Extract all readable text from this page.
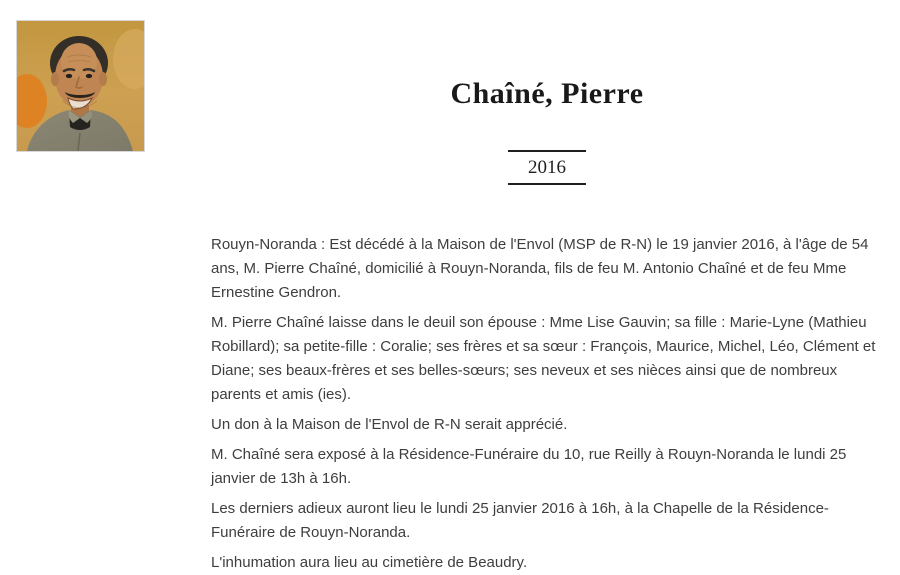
Chaîné, Pierre
2016

Rouyn-Noranda : Est décédé à la Maison de l'Envol (MSP de R-N) le 19 janvier 2016, à l'âge de 54 ans, M. Pierre Chaîné, domicilié à Rouyn-Noranda, fils de feu M. Antonio Chaîné et de feu Mme Ernestine Gendron.

M. Pierre Chaîné laisse dans le deuil son épouse : Mme Lise Gauvin; sa fille : Marie-Lyne (Mathieu Robillard); sa petite-fille : Coralie; ses frères et sa sœur : François, Maurice, Michel, Léo, Clément et Diane; ses beaux-frères et ses belles-sœurs; ses neveux et ses nièces ainsi que de nombreux parents et amis (ies).

Un don à la Maison de l'Envol de R-N serait apprécié.

M. Chaîné sera exposé à la Résidence-Funéraire du 10, rue Reilly à Rouyn-Noranda le lundi 25 janvier de 13h à 16h.

Les derniers adieux auront lieu le lundi 25 janvier 2016 à 16h, à la Chapelle de la Résidence-Funéraire de Rouyn-Noranda.

L'inhumation aura lieu au cimetière de Beaudry.
